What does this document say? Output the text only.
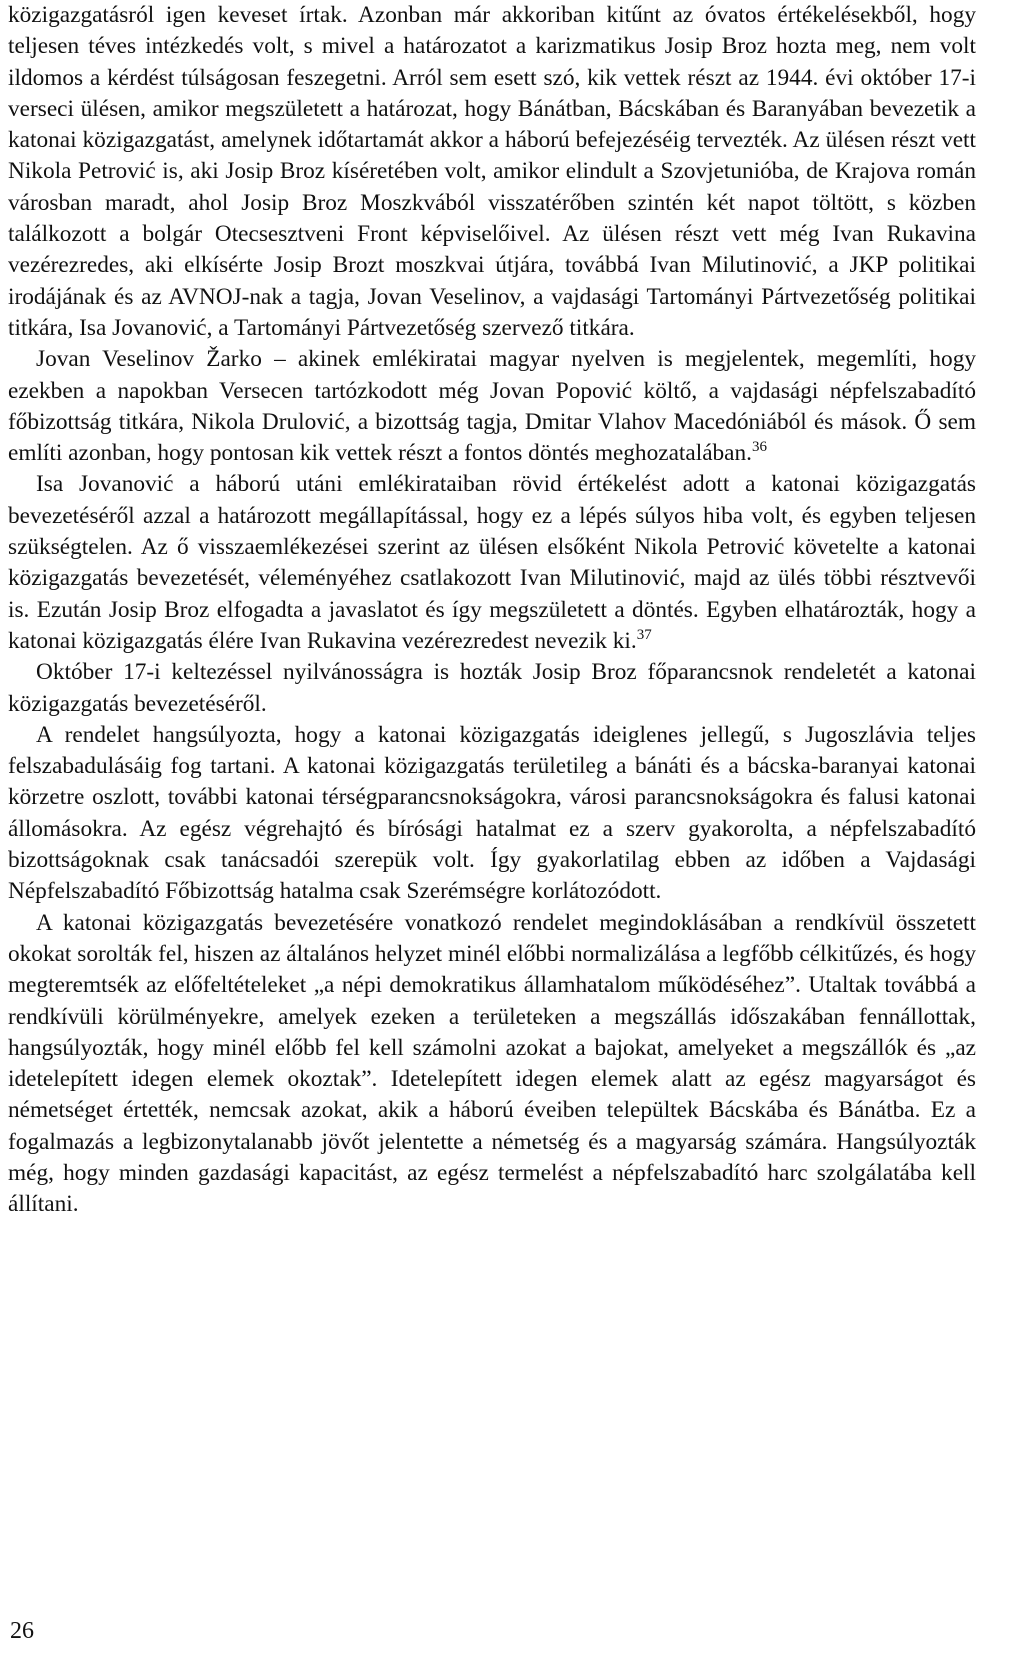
közigazgatásról igen keveset írtak. Azonban már akkoriban kitűnt az óvatos értékelésekből, hogy teljesen téves intézkedés volt, s mivel a határozatot a karizmatikus Josip Broz hozta meg, nem volt ildomos a kérdést túlságosan feszegetni. Arról sem esett szó, kik vettek részt az 1944. évi október 17-i verseci ülésen, amikor megszületett a határozat, hogy Bánátban, Bácskában és Baranyában bevezetik a katonai közigazgatást, amelynek időtartamát akkor a háború befejezéséig tervezték. Az ülésen részt vett Nikola Petrović is, aki Josip Broz kíséretében volt, amikor elindult a Szovjetunióba, de Krajova román városban maradt, ahol Josip Broz Moszkvából visszatérőben szintén két napot töltött, s közben találkozott a bolgár Otecsesztveni Front képviselőivel. Az ülésen részt vett még Ivan Rukavina vezérezredes, aki elkísérte Josip Brozt moszkvai útjára, továbbá Ivan Milutinović, a JKP politikai irodájának és az AVNOJ-nak a tagja, Jovan Veselinov, a vajdasági Tartományi Pártvezetőség politikai titkára, Isa Jovanović, a Tartományi Pártvezetőség szervező titkára.

Jovan Veselinov Žarko – akinek emlékiratai magyar nyelven is megjelentek, megemlíti, hogy ezekben a napokban Versecen tartózkodott még Jovan Popović költő, a vajdasági népfelszabadító főbizottság titkára, Nikola Drulović, a bizottság tagja, Dmitar Vlahov Macedóniából és mások. Ő sem említi azonban, hogy pontosan kik vettek részt a fontos döntés meghozatalában.$^{36}$

Isa Jovanović a háború utáni emlékirataiban rövid értékelést adott a katonai közigazgatás bevezetéséről azzal a határozott megállapítással, hogy ez a lépés súlyos hiba volt, és egyben teljesen szükségtelen. Az ő visszaemlékezései szerint az ülésen elsőként Nikola Petrović követelte a katonai közigazgatás bevezetését, véleményéhez csatlakozott Ivan Milutinović, majd az ülés többi résztvevői is. Ezután Josip Broz elfogadta a javaslatot és így megszületett a döntés. Egyben elhatározták, hogy a katonai közigazgatás élére Ivan Rukavina vezérezredest nevezik ki.$^{37}$

Október 17-i keltezéssel nyilvánosságra is hozták Josip Broz főparancsnok rendeletét a katonai közigazgatás bevezetéséről.

A rendelet hangsúlyozta, hogy a katonai közigazgatás ideiglenes jellegű, s Jugoszlávia teljes felszabadulásáig fog tartani. A katonai közigazgatás területileg a bánáti és a bácska-baranyai katonai körzetre oszlott, további katonai térségparancsnokságokra, városi parancsnokságokra és falusi katonai állomásokra. Az egész végrehajtó és bírósági hatalmat ez a szerv gyakorolta, a népfelszabadító bizottságoknak csak tanácsadói szerepük volt. Így gyakorlatilag ebben az időben a Vajdasági Népfelszabadító Főbizottság hatalma csak Szerémségre korlátozódott.

A katonai közigazgatás bevezetésére vonatkozó rendelet megindoklásában a rendkívül összetett okokat sorolták fel, hiszen az általános helyzet minél előbbi normalizálása a legfőbb célkitűzés, és hogy megteremtsék az előfeltételeket „a népi demokratikus államhatalom működéséhez”. Utaltak továbbá a rendkívüli körülményekre, amelyek ezeken a területeken a megszállás időszakában fennállottak, hangsúlyozták, hogy minél előbb fel kell számolni azokat a bajokat, amelyeket a megszállók és „az idetelepített idegen elemek okoztak”. Idetelepített idegen elemek alatt az egész magyarságot és németséget értették, nemcsak azokat, akik a háború éveiben települtek Bácskába és Bánátba. Ez a fogalmazás a legbizonytalanabb jövőt jelentette a németség és a magyarság számára. Hangsúlyozták még, hogy minden gazdasági kapacitást, az egész termelést a népfelszabadító harc szolgálatába kell állítani.

26
